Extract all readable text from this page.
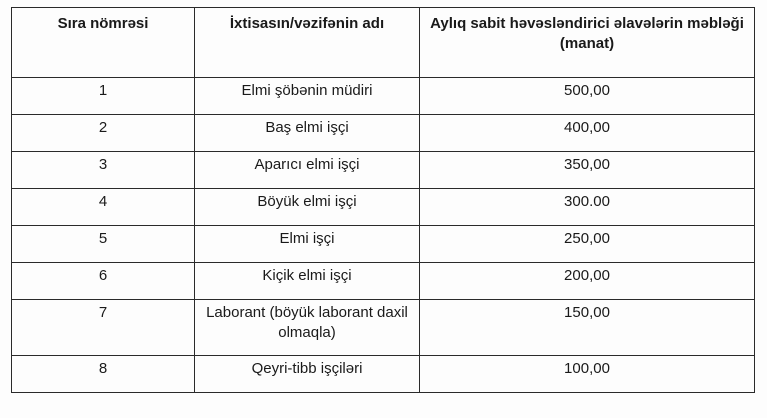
Sıra nömrəsi	İxtisasın/vəzifənin adı	Aylıq sabit həvəsləndirici əlavələrin məbləği (manat)
1	Elmi şöbənin müdiri	500,00
2	Baş elmi işçi	400,00
3	Aparıcı elmi işçi	350,00
4	Böyük elmi işçi	300.00
5	Elmi işçi	250,00
6	Kiçik elmi işçi	200,00
7	Laborant (böyük laborant daxil olmaqla)	150,00
8	Qeyri-tibb işçiləri	100,00
